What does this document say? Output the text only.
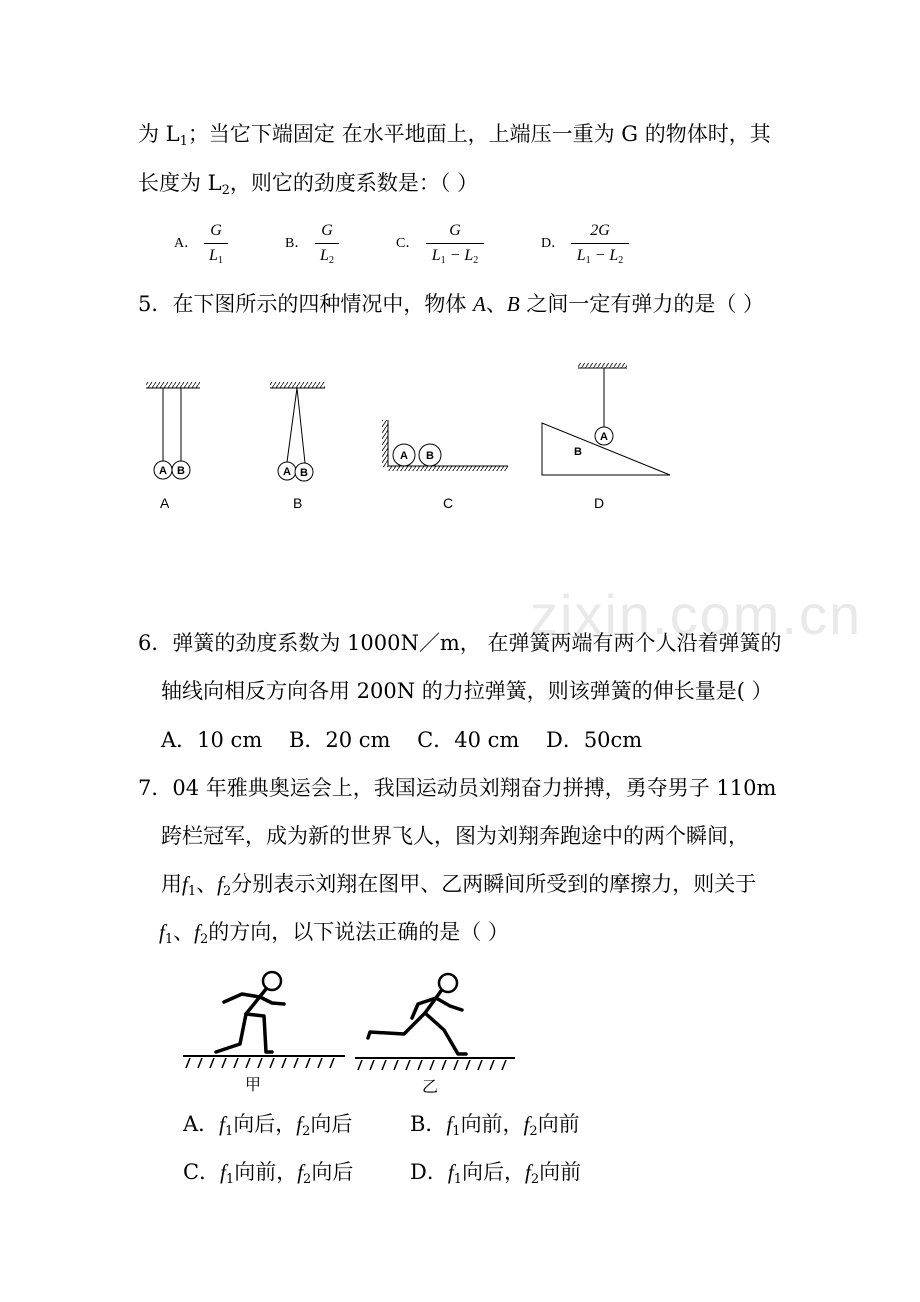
为 $L_1$；当它下端固定 在水平地面上，上端压一重为 G 的物体时，其
长度为 $L_2$，则它的劲度系数是：（ ）
A．
G
$L_1$
B．
G
$L_2$
C．
G
$L_1 - L_2$
D．
2G
$L_1 - L_2$
5．在下图所示的四种情况中，物体 A、B 之间一定有弹力的是（ ）
A B	A B
A B
A
B
A	B	C	D
zixin.com.cn
6．弹簧的劲度系数为 1000N／m， 在弹簧两端有两个人沿着弹簧的
轴线向相反方向各用 200N 的力拉弹簧，则该弹簧的伸长量是( ）
A．10 cm    B．20 cm    C．40 cm    D．50cm
7．04 年雅典奥运会上，我国运动员刘翔奋力拼搏，勇夺男子 110m
跨栏冠军，成为新的世界飞人，图为刘翔奔跑途中的两个瞬间，
用$f_1$、$f_2$分别表示刘翔在图甲、乙两瞬间所受到的摩擦力，则关于
$f_1$、$f_2$的方向，以下说法正确的是（ ）
甲	乙
A．$f_1$向后，$f_2$向后	B．$f_1$向前，$f_2$向前
C．$f_1$向前，$f_2$向后	D．$f_1$向后，$f_2$向前
